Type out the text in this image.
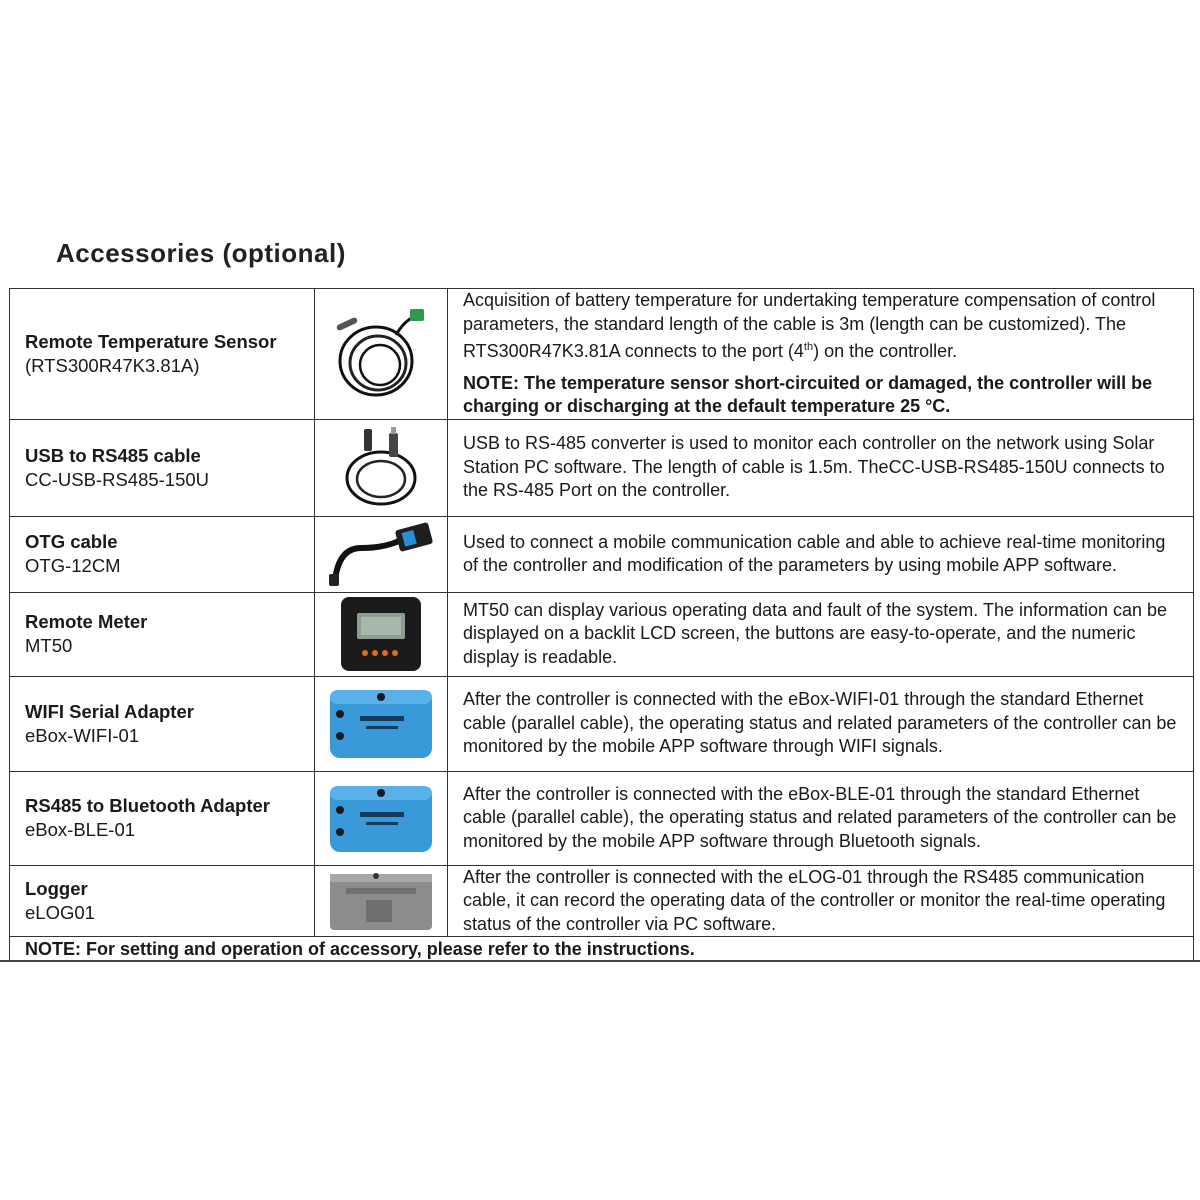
Accessories (optional)
Remote Temperature Sensor
(RTS300R47K3.81A)		Acquisition of battery temperature for undertaking temperature compensation of control parameters, the standard length of the cable is 3m (length can be customized). The RTS300R47K3.81A connects to the port (4th) on the controller.
NOTE: The temperature sensor short-circuited or damaged, the controller will be charging or discharging at the default temperature 25 °C.

USB to RS485 cable
CC-USB-RS485-150U		USB to RS-485 converter is used to monitor each controller on the network using Solar Station PC software. The length of cable is 1.5m. TheCC-USB-RS485-150U connects to the RS-485 Port on the controller.

OTG cable
OTG-12CM		Used to connect a mobile communication cable and able to achieve real-time monitoring of the controller and modification of the parameters by using mobile APP software.

Remote Meter
MT50		MT50 can display various operating data and fault of the system. The information can be displayed on a backlit LCD screen, the buttons are easy-to-operate, and the numeric display is readable.

WIFI Serial Adapter
eBox-WIFI-01		After the controller is connected with the eBox-WIFI-01 through the standard Ethernet cable (parallel cable), the operating status and related parameters of the controller can be monitored by the mobile APP software through WIFI signals.

RS485 to Bluetooth Adapter
eBox-BLE-01		After the controller is connected with the eBox-BLE-01 through the standard Ethernet cable (parallel cable), the operating status and related parameters of the controller can be monitored by the mobile APP software through Bluetooth signals.

Logger
eLOG01		After the controller is connected with the eLOG-01 through the RS485 communication cable, it can record the operating data of the controller or monitor the real-time operating status of the controller via PC software.

NOTE: For setting and operation of accessory, please refer to the instructions.		
